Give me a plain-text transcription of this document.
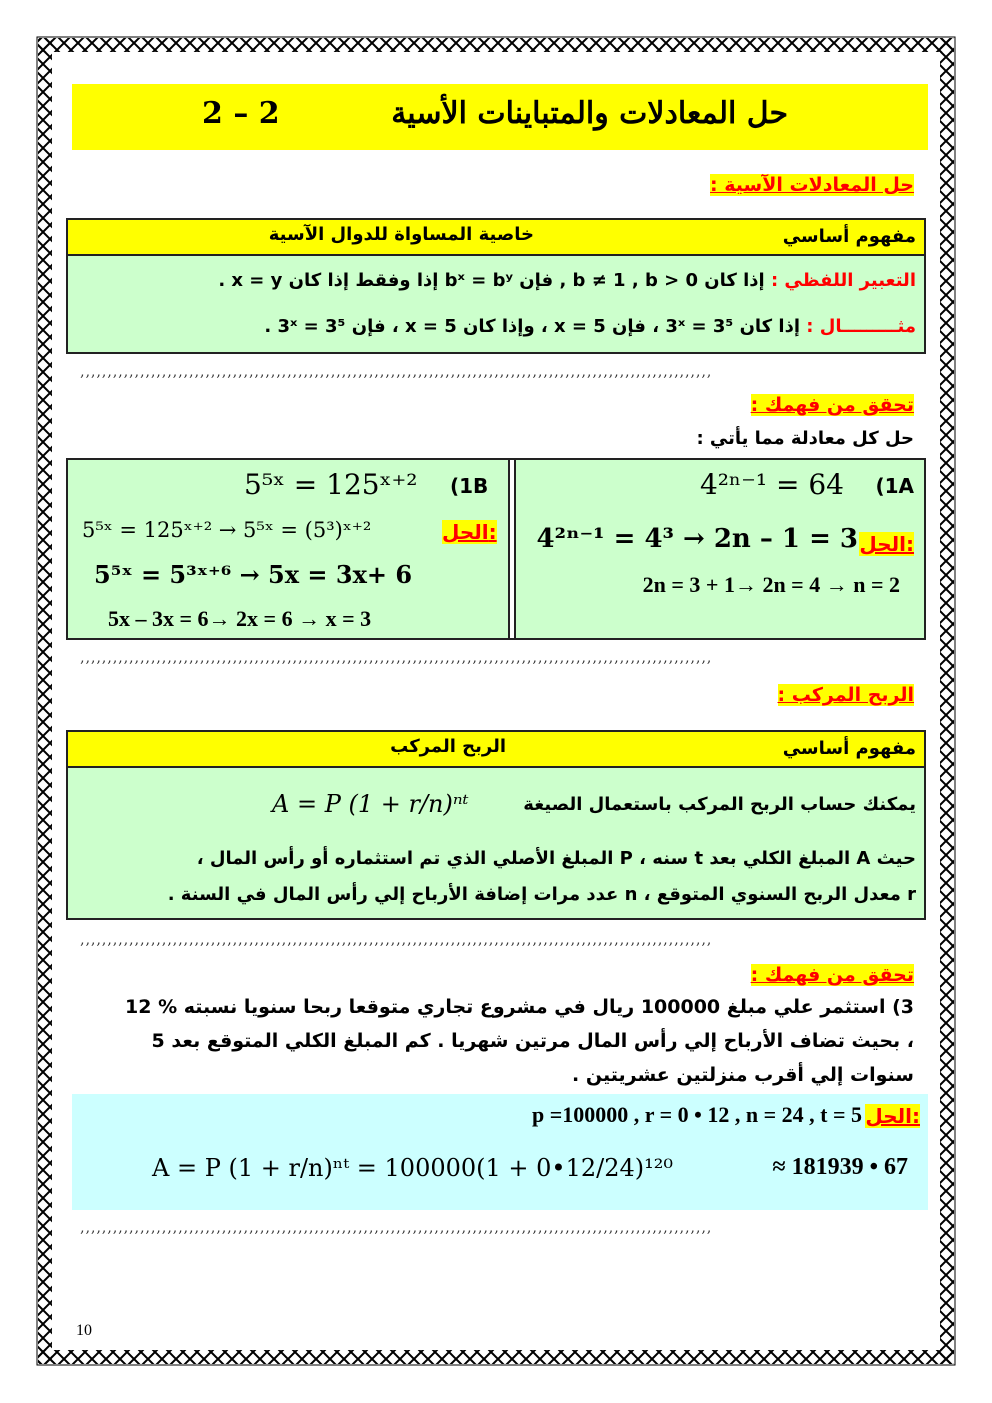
حل المعادلات والمتباينات الأسية
2 – 2
حل المعادلات الآسية :
مفهوم أساسي
خاصية المساواة للدوال الآسية
التعبير اللفظي : إذا كان b ≠ 1 , b > 0 , فإن bˣ = bʸ إذا وفقط إذا كان x = y .
مثـــــــــال : إذا كان 3ˣ = 3⁵ ، فإن x = 5 ، وإذا كان x = 5 ، فإن 3ˣ = 3⁵ .
‚‚‚‚‚‚‚‚‚‚‚‚‚‚‚‚‚‚‚‚‚‚‚‚‚‚‚‚‚‚‚‚‚‚‚‚‚‚‚‚‚‚‚‚‚‚‚‚‚‚‚‚‚‚‚‚‚‚‚‚‚‚‚‚‚‚‚‚‚‚‚‚‚‚‚‚‚‚‚‚‚‚‚‚‚‚‚‚‚‚‚‚‚‚‚‚‚‚‚‚‚‚‚‚‚‚‚‚‚‚‚‚‚‚‚‚
تحقق من فهمك :
حل كل معادلة مما يأتي :
(1A
4²ⁿ⁻¹ = 64
الحل:
4²ⁿ⁻¹ = 4³ → 2n – 1 = 3
2n = 3 + 1→ 2n = 4 → n = 2
(1B
5⁵ˣ = 125ˣ⁺²
الحل:
5⁵ˣ = 125ˣ⁺² → 5⁵ˣ = (5³)ˣ⁺²
5⁵ˣ = 5³ˣ⁺⁶ → 5x = 3x+ 6
5x – 3x = 6→ 2x = 6 → x = 3
‚‚‚‚‚‚‚‚‚‚‚‚‚‚‚‚‚‚‚‚‚‚‚‚‚‚‚‚‚‚‚‚‚‚‚‚‚‚‚‚‚‚‚‚‚‚‚‚‚‚‚‚‚‚‚‚‚‚‚‚‚‚‚‚‚‚‚‚‚‚‚‚‚‚‚‚‚‚‚‚‚‚‚‚‚‚‚‚‚‚‚‚‚‚‚‚‚‚‚‚‚‚‚‚‚‚‚‚‚‚‚‚‚‚‚‚
الربح المركب :
مفهوم أساسي
الربح المركب
يمكنك حساب الربح المركب باستعمال الصيغة
A = P (1 + r/n)ⁿᵗ
حيث A المبلغ الكلي بعد t سنه ، P المبلغ الأصلي الذي تم استثماره أو رأس المال ،
r معدل الربح السنوي المتوقع ، n عدد مرات إضافة الأرباح إلي رأس المال في السنة .
‚‚‚‚‚‚‚‚‚‚‚‚‚‚‚‚‚‚‚‚‚‚‚‚‚‚‚‚‚‚‚‚‚‚‚‚‚‚‚‚‚‚‚‚‚‚‚‚‚‚‚‚‚‚‚‚‚‚‚‚‚‚‚‚‚‚‚‚‚‚‚‚‚‚‚‚‚‚‚‚‚‚‚‚‚‚‚‚‚‚‚‚‚‚‚‚‚‚‚‚‚‚‚‚‚‚‚‚‚‚‚‚‚‚‚‚
تحقق من فهمك :
3) استثمر علي مبلغ 100000 ريال في مشروع تجاري متوقعا ربحا سنويا نسبته % 12
، بحيث تضاف الأرباح إلي رأس المال مرتين شهريا . كم المبلغ الكلي المتوقع بعد 5
سنوات إلي أقرب منزلتين عشريتين .
الحل:
p =100000 , r = 0 • 12 , n = 24 , t = 5
A = P (1 + r/n)ⁿᵗ = 100000(1 + 0•12/24)¹²⁰	≈ 181939 • 67
‚‚‚‚‚‚‚‚‚‚‚‚‚‚‚‚‚‚‚‚‚‚‚‚‚‚‚‚‚‚‚‚‚‚‚‚‚‚‚‚‚‚‚‚‚‚‚‚‚‚‚‚‚‚‚‚‚‚‚‚‚‚‚‚‚‚‚‚‚‚‚‚‚‚‚‚‚‚‚‚‚‚‚‚‚‚‚‚‚‚‚‚‚‚‚‚‚‚‚‚‚‚‚‚‚‚‚‚‚‚‚‚‚‚‚‚
10
